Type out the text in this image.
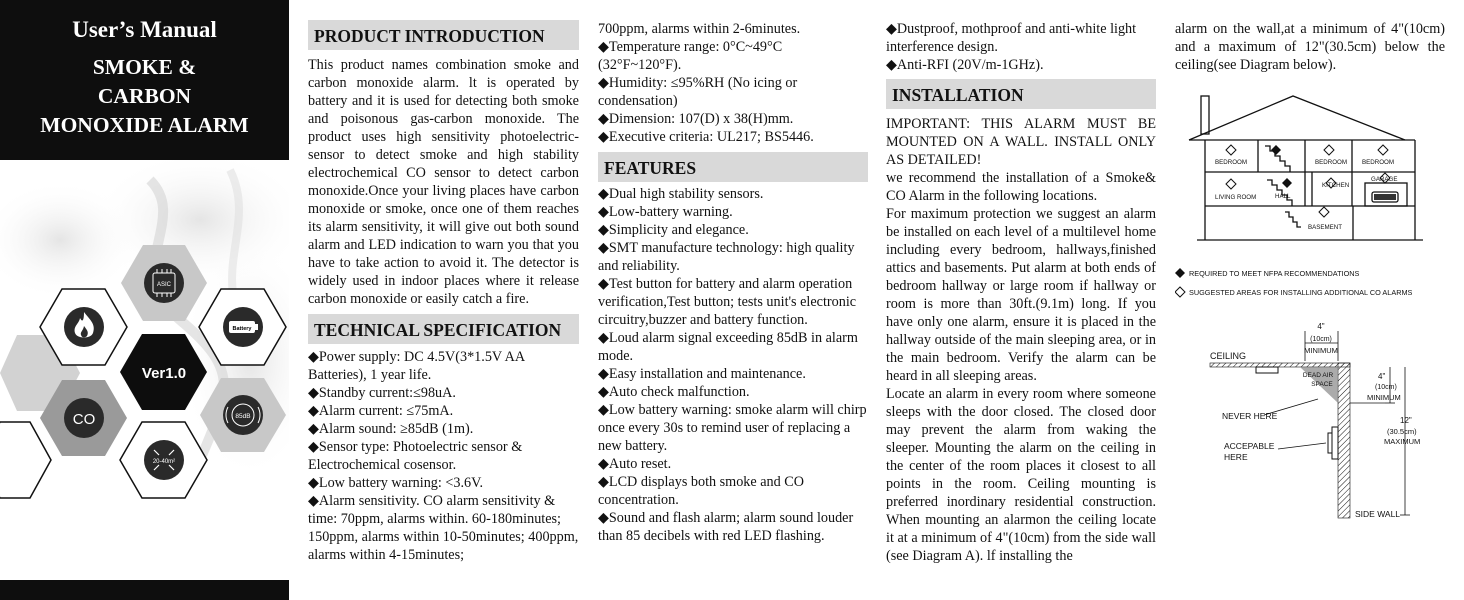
User’s Manual
SMOKE &
CARBON
MONOXIDE ALARM
ASIC
Battery
Ver1.0
CO	85dB
20-40m²
PRODUCT INTRODUCTION

This product names combination smoke and carbon monoxide alarm. lt is operated by battery and it is used for detecting both smoke and poisonous gas-carbon monoxide. The product uses high sensitivity photoelectric-sensor to detect smoke and high stability electrochemical CO sensor to detect carbon monoxide.Once your living places have carbon monoxide or smoke, once one of them reaches its alarm sensitivity, it will give out both sound alarm and LED indication to warn you that you have to take action to avoid it. The detector is widely used in indoor places where it release carbon monoxide or easily catch a fire.

TECHNICAL SPECIFICATION

◆Power supply: DC 4.5V(3*1.5V AA Batteries), 1 year life.

◆Standby current:≤98uA.

◆Alarm current: ≤75mA.

◆Alarm sound: ≥85dB (1m).

◆Sensor type: Photoelectric sensor & Electrochemical cosensor.

◆Low battery warning: <3.6V.

◆Alarm sensitivity. CO alarm sensitivity & time: 70ppm, alarms within. 60-180minutes; 150ppm, alarms within 10-50minutes; 400ppm, alarms within 4-15minutes;

700ppm, alarms within 2-6minutes.

◆Temperature range: 0°C~49°C (32°F~120°F).

◆Humidity: ≤95%RH (No icing or condensation)

◆Dimension: 107(D) x 38(H)mm.

◆Executive criteria: UL217; BS5446.

FEATURES

◆Dual high stability sensors.

◆Low-battery warning.

◆Simplicity and elegance.

◆SMT manufacture technology: high quality and reliability.

◆Test button for battery and alarm operation verification,Test button; tests unit's electronic circuitry,buzzer and battery function.

◆Loud alarm signal exceeding 85dB in alarm mode.

◆Easy installation and maintenance.

◆Auto check malfunction.

◆Low battery warning: smoke alarm will chirp once every 30s to remind user of replacing a new battery.

◆Auto reset.

◆LCD displays both smoke and CO concentration.

◆Sound and flash alarm; alarm sound louder than 85 decibels with red LED flashing.

◆Dustproof, mothproof and anti-white light interference design.

◆Anti-RFI (20V/m-1GHz).

INSTALLATION

IMPORTANT: THIS ALARM MUST BE MOUNTED ON A WALL. INSTALL ONLY AS DETAILED!

we recommend the installation of a Smoke& CO Alarm in the following locations.

For maximum protection we suggest an alarm be installed on each level of a multilevel home including every bedroom, hallways,finished attics and basements. Put alarm at both ends of bedroom hallway or large room if hallway or room is more than 30ft.(9.1m) long. If you have only one alarm, ensure it is placed in the hallway outside of the main sleeping area, or in the main bedroom. Verify the alarm can be heard in all sleeping areas.

Locate an alarm in every room where someone sleeps with the door closed. The closed door may prevent the alarm from waking the sleeper. Mounting the alarm on the ceiling in the center of the room places it closest to all points in the room. Ceiling mounting is preferred inordinary residential construction. When mounting an alarmon the ceiling locate it at a minimum of 4"(10cm) from the side wall (see Diagram A). lf installing the

alarm on the wall,at a minimum of 4"(10cm) and a maximum of 12"(30.5cm) below the ceiling(see Diagram below).

BEDROOM	BEDROOM BEDROOM
LIVING ROOM	HALL
KITCHEN
GARAGE
BASEMENT
REQUIRED TO MEET NFPA RECOMMENDATIONS
SUGGESTED AREAS FOR INSTALLING ADDITIONAL CO ALARMS
CEILING
4"
(10cm)
MINIMUM
DEAD AIR
SPACE
4"
(10cm)
MINIMUM
NEVER HERE	12"
(30.5cm)
MAXIMUM
ACCEPABLE
HERE
SIDE WALL
